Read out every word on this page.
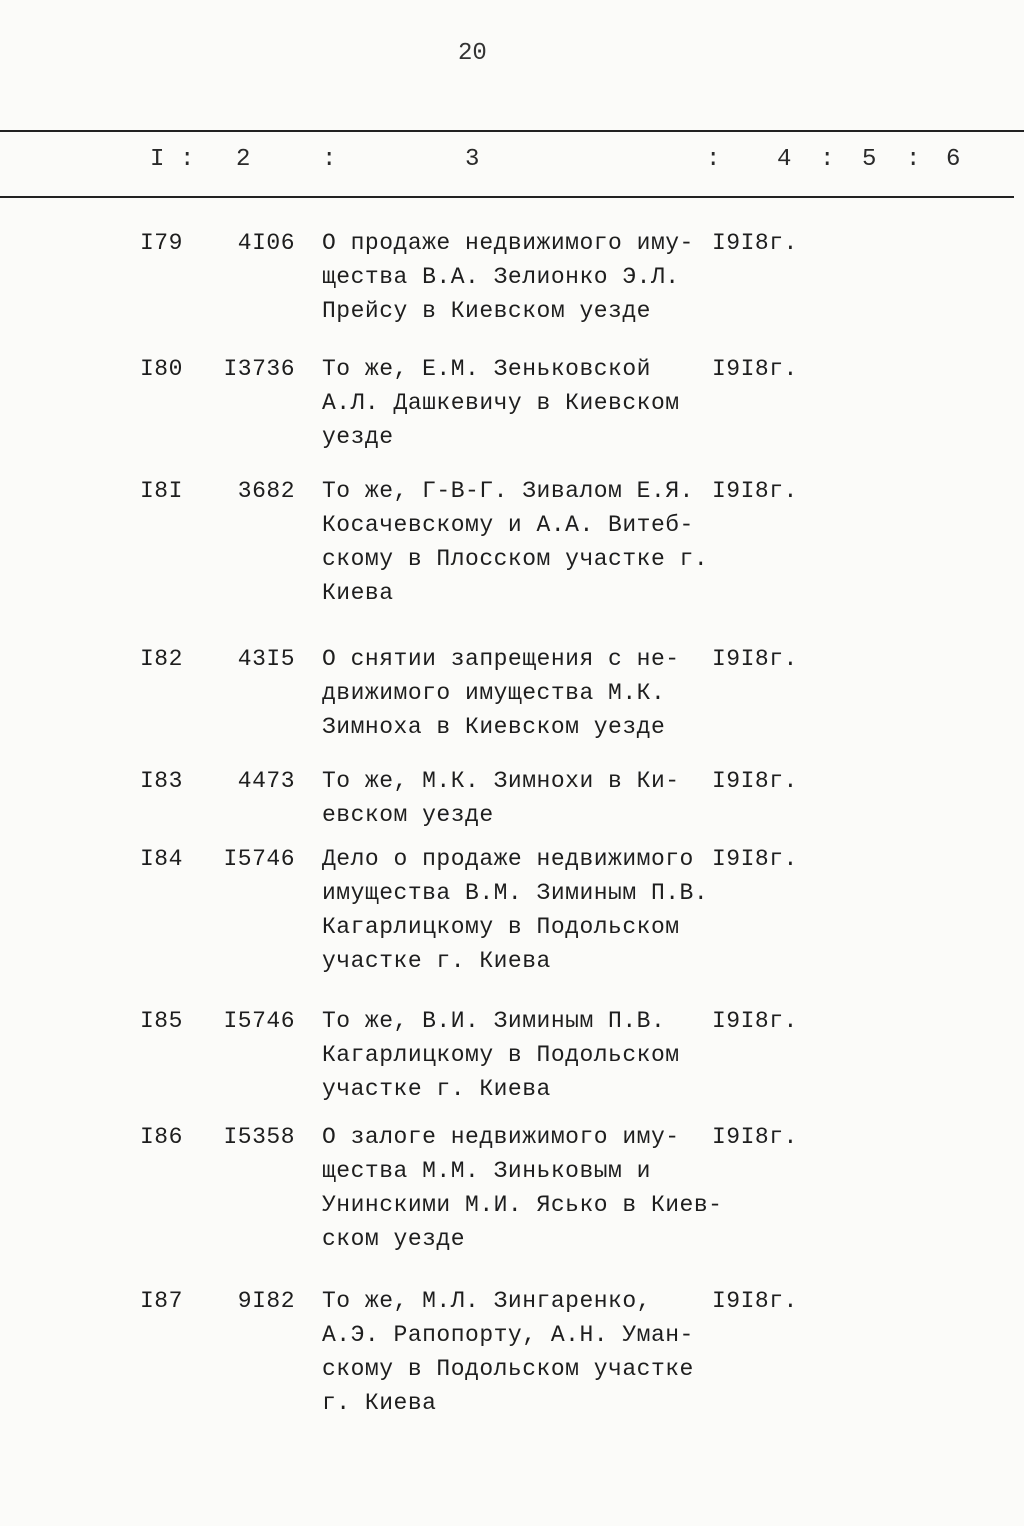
20
I : 2	:	3	: 4 : 5 : 6
I79	4I06 О продаже недвижимого иму-
щества В.А. Зелионко Э.Л.
Прейсу в Киевском уезде
I9I8г.
I80	I3736 То же, Е.М. Зеньковской
А.Л. Дашкевичу в Киевском
уезде
I9I8г.
I8I	3682 То же, Г-В-Г. Зивалом Е.Я.
Косачевскому и А.А. Витеб-
скому в Плосском участке г.
Киева
I9I8г.
I82	43I5 О снятии запрещения с не-
движимого имущества М.К.
Зимноха в Киевском уезде
I9I8г.
I83	4473 То же, М.К. Зимнохи в Ки-
евском уезде
I9I8г.
I84	I5746 Дело о продаже недвижимого
имущества В.М. Зиминым П.В.
Кагарлицкому в Подольском
участке г. Киева
I9I8г.
I85	I5746 То же, В.И. Зиминым П.В.
Кагарлицкому в Подольском
участке г. Киева
I9I8г.
I86	I5358 О залоге недвижимого иму-
щества М.М. Зиньковым и
Унинскими М.И. Ясько в Киев-
ском уезде
I9I8г.
I87	9I82 То же, М.Л. Зингаренко,
А.Э. Рапопорту, А.Н. Уман-
скому в Подольском участке
г. Киева
I9I8г.
